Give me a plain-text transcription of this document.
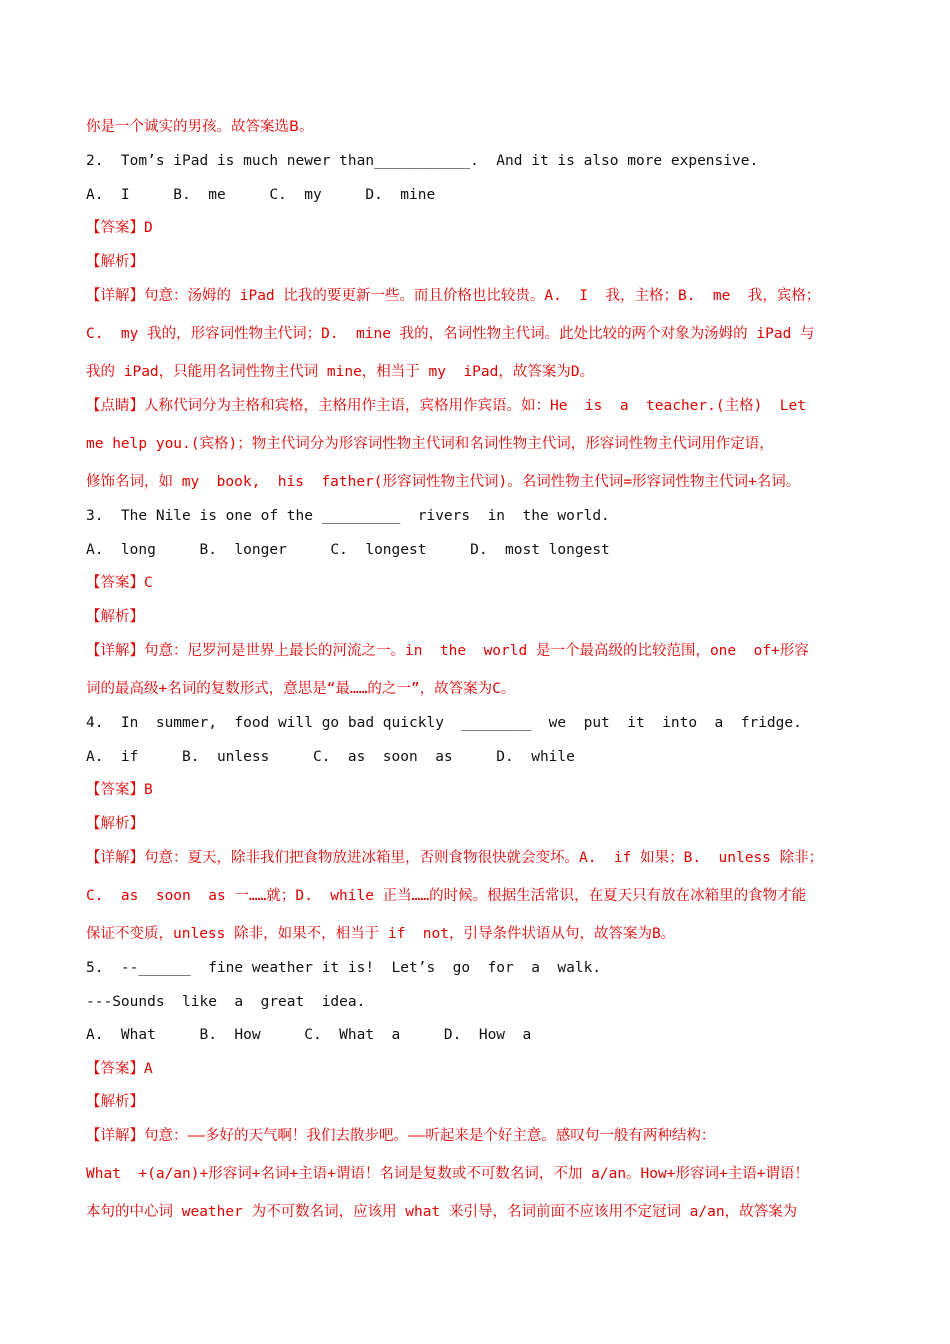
你是一个诚实的男孩。故答案选B。
2.  Tom’s iPad is much newer than___________.  And it is also more expensive.
A.  I     B.  me     C.  my     D.  mine
【答案】D
【解析】
【详解】句意：汤姆的 iPad 比我的要更新一些。而且价格也比较贵。A.  I  我，主格；B.  me  我，宾格；
C.  my 我的，形容词性物主代词；D.  mine 我的，名词性物主代词。此处比较的两个对象为汤姆的 iPad 与
我的 iPad，只能用名词性物主代词 mine，相当于 my  iPad，故答案为D。
【点睛】人称代词分为主格和宾格，主格用作主语，宾格用作宾语。如：He  is  a  teacher.(主格)  Let
me help you.(宾格)；物主代词分为形容词性物主代词和名词性物主代词，形容词性物主代词用作定语，
修饰名词，如 my  book,  his  father(形容词性物主代词)。名词性物主代词=形容词性物主代词+名词。
3.  The Nile is one of the _________  rivers  in  the world.
A.  long     B.  longer     C.  longest     D.  most longest
【答案】C
【解析】
【详解】句意：尼罗河是世界上最长的河流之一。in  the  world 是一个最高级的比较范围，one  of+形容
词的最高级+名词的复数形式，意思是“最……的之一”，故答案为C。
4.  In  summer,  food will go bad quickly  ________  we  put  it  into  a  fridge.
A.  if     B.  unless     C.  as  soon  as     D.  while
【答案】B
【解析】
【详解】句意：夏天，除非我们把食物放进冰箱里，否则食物很快就会变坏。A.  if 如果；B.  unless 除非；
C.  as  soon  as 一……就；D.  while 正当……的时候。根据生活常识，在夏天只有放在冰箱里的食物才能
保证不变质，unless 除非，如果不，相当于 if  not，引导条件状语从句，故答案为B。
5.  --______  fine weather it is!  Let’s  go  for  a  walk.
---Sounds  like  a  great  idea.
A.  What     B.  How     C.  What  a     D.  How  a
【答案】A
【解析】
【详解】句意：——多好的天气啊！我们去散步吧。——听起来是个好主意。感叹句一般有两种结构：
What  +(a/an)+形容词+名词+主语+谓语！名词是复数或不可数名词，不加 a/an。How+形容词+主语+谓语！
本句的中心词 weather 为不可数名词，应该用 what 来引导，名词前面不应该用不定冠词 a/an，故答案为
